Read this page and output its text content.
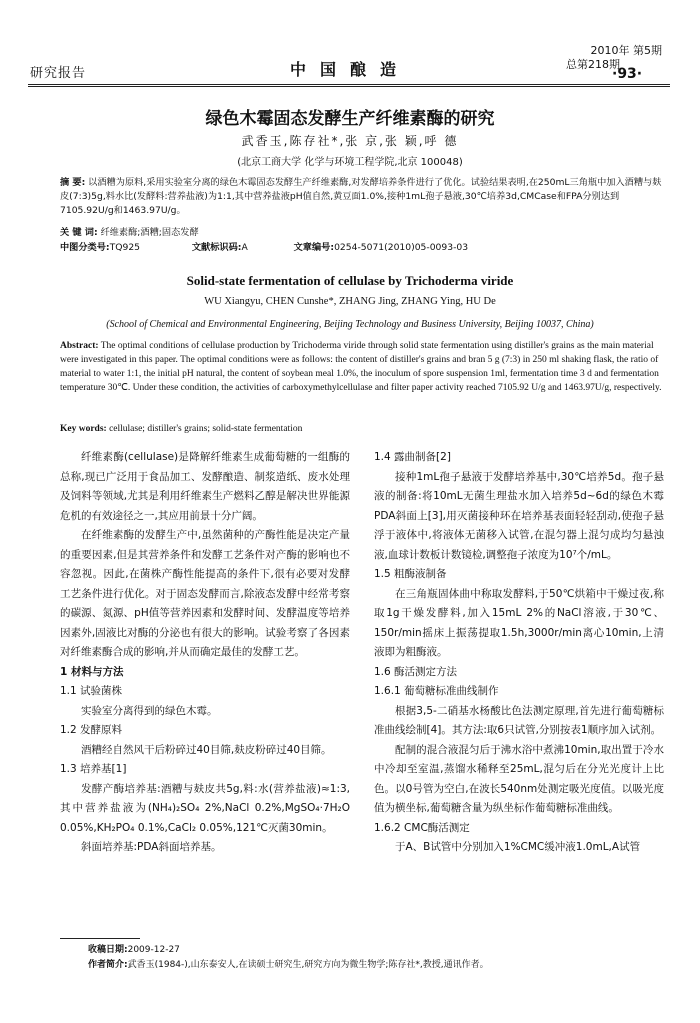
研究报告	中国酿造
2010年 第5期
总第218期
·93·
绿色木霉固态发酵生产纤维素酶的研究
武香玉,陈存社*,张 京,张 颖,呼 德
(北京工商大学 化学与环境工程学院,北京 100048)
摘 要: 以酒糟为原料,采用实验室分离的绿色木霉固态发酵生产纤维素酶,对发酵培养条件进行了优化。试验结果表明,在250mL三角瓶中加入酒糟与麸皮(7:3)5g,料水比(发酵料:营养盐液)为1:1,其中营养盐液pH值自然,黄豆面1.0%,接种1mL孢子悬液,30℃培养3d,CMCase和FPA分别达到7105.92U/g和1463.97U/g。
关 键 词: 纤维素酶;酒糟;固态发酵
中图分类号:TQ925	文献标识码:A	文章编号:0254-5071(2010)05-0093-03
Solid-state fermentation of cellulase by Trichoderma viride
WU Xiangyu, CHEN Cunshe*, ZHANG Jing, ZHANG Ying, HU De
(School of Chemical and Environmental Engineering, Beijing Technology and Business University, Beijing 10037, China)
Abstract: The optimal conditions of cellulase production by Trichoderma viride through solid state fermentation using distiller's grains as the main material were investigated in this paper. The optimal conditions were as follows: the content of distiller's grains and bran 5 g (7:3) in 250 ml shaking flask, the ratio of material to water 1:1, the initial pH natural, the content of soybean meal 1.0%, the inoculum of spore suspension 1ml, fermentation time 3 d and fermentation temperature 30℃. Under these condition, the activities of carboxymethylcellulase and filter paper activity reached 7105.92 U/g and 1463.97U/g, respectively.
Key words: cellulase; distiller's grains; solid-state fermentation

纤维素酶(cellulase)是降解纤维素生成葡萄糖的一组酶的总称,现已广泛用于食品加工、发酵酿造、制浆造纸、废水处理及饲料等领域,尤其是利用纤维素生产燃料乙醇是解决世界能源危机的有效途径之一,其应用前景十分广阔。

在纤维素酶的发酵生产中,虽然菌种的产酶性能是决定产量的重要因素,但是其营养条件和发酵工艺条件对产酶的影响也不容忽视。因此,在菌株产酶性能提高的条件下,很有必要对发酵工艺条件进行优化。对于固态发酵而言,除液态发酵中经常考察的碳源、氮源、pH值等营养因素和发酵时间、发酵温度等培养因素外,固液比对酶的分泌也有很大的影响。试验考察了各因素对纤维素酶合成的影响,并从而确定最佳的发酵工艺。

1 材料与方法
1.1 试验菌株

实验室分离得到的绿色木霉。

1.2 发酵原料

酒糟经自然风干后粉碎过40目筛,麸皮粉碎过40目筛。

1.3 培养基[1]

发酵产酶培养基:酒糟与麸皮共5g,料:水(营养盐液)≈1:3,其中营养盐液为(NH₄)₂SO₄ 2%,NaCl 0.2%,MgSO₄·7H₂O 0.05%,KH₂PO₄ 0.1%,CaCl₂ 0.05%,121℃灭菌30min。

斜面培养基:PDA斜面培养基。

1.4 露曲制备[2]

接种1mL孢子悬液于发酵培养基中,30℃培养5d。孢子悬液的制备:将10mL无菌生理盐水加入培养5d~6d的绿色木霉PDA斜面上[3],用灭菌接种环在培养基表面轻轻刮动,使孢子悬浮于液体中,将液体无菌移入试管,在混匀器上混匀成均匀悬浊液,血球计数板计数镜检,调整孢子浓度为10⁷个/mL。

1.5 粗酶液制备

在三角瓶固体曲中称取发酵料,于50℃烘箱中干燥过夜,称取1g干燥发酵料,加入15mL 2%的NaCl溶液,于30℃、150r/min摇床上振荡提取1.5h,3000r/min离心10min,上清液即为粗酶液。

1.6 酶活测定方法
1.6.1 葡萄糖标准曲线制作

根据3,5-二硝基水杨酸比色法测定原理,首先进行葡萄糖标准曲线绘制[4]。其方法:取6只试管,分别按表1顺序加入试剂。

配制的混合液混匀后于沸水浴中煮沸10min,取出置于冷水中冷却至室温,蒸馏水稀释至25mL,混匀后在分光光度计上比色。以0号管为空白,在波长540nm处测定吸光度值。以吸光度值为横坐标,葡萄糖含量为纵坐标作葡萄糖标准曲线。

1.6.2 CMC酶活测定

于A、B试管中分别加入1%CMC缓冲液1.0mL,A试管

收稿日期:2009-12-27
作者简介:武香玉(1984-),山东泰安人,在读硕士研究生,研究方向为微生物学;陈存社*,教授,通讯作者。
